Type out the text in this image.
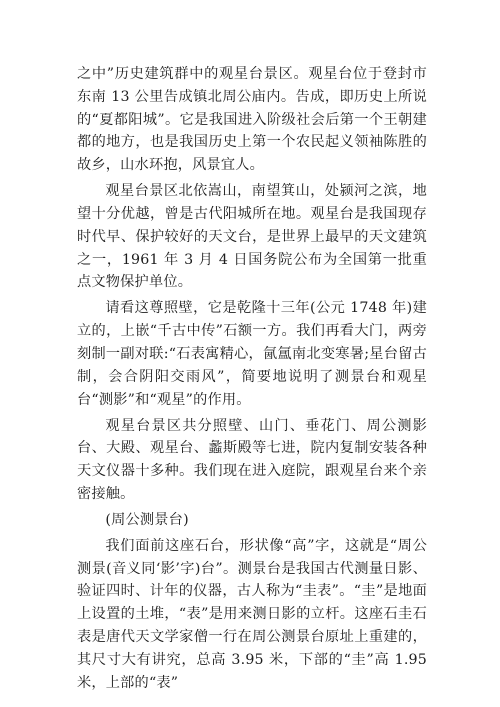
之中”历史建筑群中的观星台景区。观星台位于登封市东南 13 公里告成镇北周公庙内。告成，即历史上所说的“夏都阳城”。它是我国进入阶级社会后第一个王朝建都的地方，也是我国历史上第一个农民起义领袖陈胜的故乡，山水环抱，风景宜人。

观星台景区北依嵩山，南望箕山，处颍河之滨，地望十分优越，曾是古代阳城所在地。观星台是我国现存时代早、保护较好的天文台，是世界上最早的天文建筑之一，1961 年 3 月 4 日国务院公布为全国第一批重点文物保护单位。

请看这尊照壁，它是乾隆十三年(公元 1748 年)建立的，上嵌“千古中传”石额一方。我们再看大门，两旁刻制一副对联:“石表寓精心，氤氲南北变寒暑;星台留古制，会合阴阳交雨风”，简要地说明了测景台和观星台“测影”和“观星”的作用。

观星台景区共分照壁、山门、垂花门、周公测影台、大殿、观星台、蠡斯殿等七进，院内复制安装各种天文仪器十多种。我们现在进入庭院，跟观星台来个亲密接触。

(周公测景台)

我们面前这座石台，形状像“高”字，这就是“周公测景(音义同‘影’字)台”。测景台是我国古代测量日影、验证四时、计年的仪器，古人称为“圭表”。“圭”是地面上设置的土堆，“表”是用来测日影的立杆。这座石圭石表是唐代天文学家僧一行在周公测景台原址上重建的，其尺寸大有讲究，总高 3.95 米，下部的“圭”高 1.95 米，上部的“表”
